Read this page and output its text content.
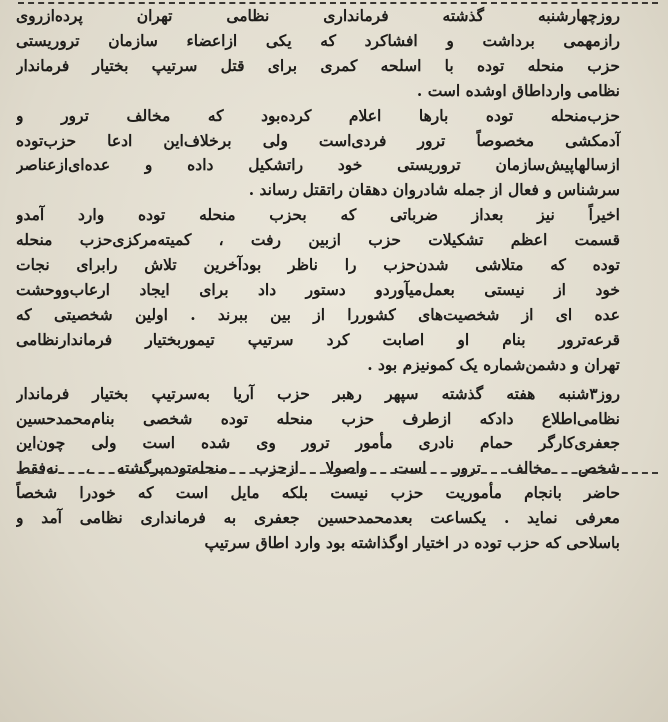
روزچهارشنبه گذشته فرمانداری نظامی تهران پرده‌ازروی
رازمهمی برداشت و افشاکرد که یکی ازاعضاء سازمان تروریستی
حزب منحله توده با اسلحه کمری برای قتل سرتیپ بختیار فرماندار
نظامی وارداطاق اوشده است .

حزب‌منحله توده بارها اعلام کرده‌بود که مخالف ترور و
آدمکشی مخصوصاً ترور فردی‌است ولی برخلاف‌این ادعا حزب‌توده
ازسالهاپیش‌سازمان تروریستی خود راتشکیل داده و عده‌ای‌ازعناصر
سرشناس و فعال از جمله شادروان دهقان راتقتل رساند .

اخیراً نیز بعداز ضرباتی که بحزب منحله توده وارد آمدو
قسمت اعظم تشکیلات حزب ازبین رفت ، کمیته‌مرکزی‌حزب منحله
توده که متلاشی شدن‌حزب را ناظر بودآخرین تلاش رابرای نجات
خود از نیستی بعمل‌میآوردو دستور داد برای ایجاد ارعاب‌ووحشت
عده ای از شخصیت‌های کشوررا از بین ببرند . اولین شخصیتی که
قرعه‌ترور بنام او اصابت کرد سرتیپ تیموربختیار فرماندارنظامی
تهران و دشمن‌شماره یک کمونیزم بود .

روز۳شنبه هفته گذشته سپهر رهبر حزب آریا به‌سرتیپ بختیار فرماندار
نظامی‌اطلاع دادکه ازطرف حزب منحله توده شخصی بنام‌محمدحسین
جعفری‌کارگر حمام نادری مأمور ترور وی شده است ولی چون‌این
شخص مخالف ترور است واصولا ازحزب منحله‌توده‌برگشته ، نه‌فقط
حاضر بانجام مأموریت حزب نیست بلکه مایل است که خودرا شخصاً
معرفی نماید . یکساعت بعدمحمدحسین جعفری به فرمانداری نظامی آمد و
باسلاحی که حزب توده در اختیار اوگذاشته بود وارد اطاق سرتیپ
